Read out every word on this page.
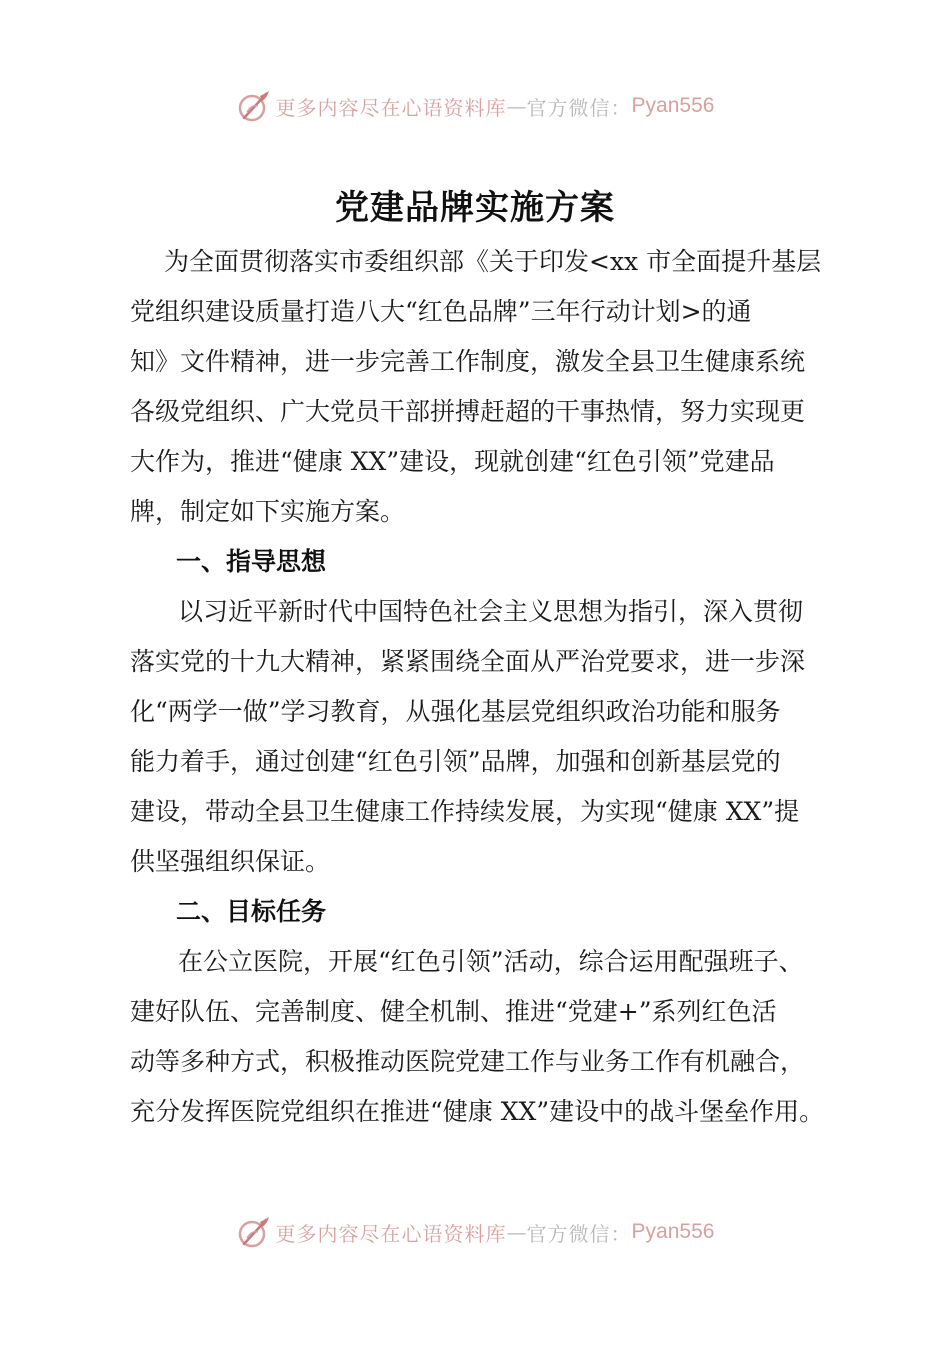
更多内容尽在心语资料库 — 官方微信： Pyan556
党建品牌实施方案
为全面贯彻落实市委组织部《关于印发<xx 市全面提升基层
党组织建设质量打造八大“红色品牌”三年行动计划>的通
知》文件精神，进一步完善工作制度，激发全县卫生健康系统
各级党组织、广大党员干部拼搏赶超的干事热情，努力实现更
大作为，推进“健康 XX”建设，现就创建“红色引领”党建品
牌，制定如下实施方案。
一、指导思想
以习近平新时代中国特色社会主义思想为指引，深入贯彻
落实党的十九大精神，紧紧围绕全面从严治党要求，进一步深
化“两学一做”学习教育，从强化基层党组织政治功能和服务
能力着手，通过创建“红色引领”品牌，加强和创新基层党的
建设，带动全县卫生健康工作持续发展，为实现“健康 XX”提
供坚强组织保证。
二、目标任务
在公立医院，开展“红色引领”活动，综合运用配强班子、
建好队伍、完善制度、健全机制、推进“党建+”系列红色活
动等多种方式，积极推动医院党建工作与业务工作有机融合，
充分发挥医院党组织在推进“健康 XX”建设中的战斗堡垒作用。
更多内容尽在心语资料库 — 官方微信： Pyan556
